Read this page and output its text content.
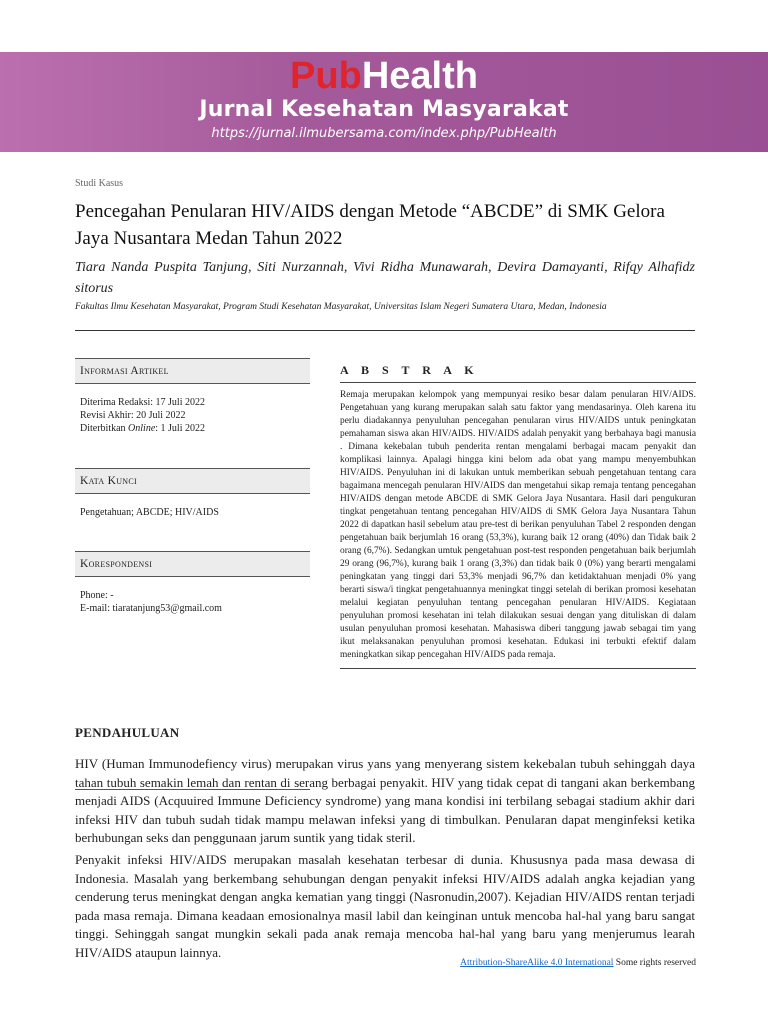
PubHealth
Jurnal Kesehatan Masyarakat
https://jurnal.ilmubersama.com/index.php/PubHealth
Studi Kasus
Pencegahan Penularan HIV/AIDS dengan Metode “ABCDE” di SMK Gelora Jaya Nusantara Medan Tahun 2022
Tiara Nanda Puspita Tanjung, Siti Nurzannah, Vivi Ridha Munawarah, Devira Damayanti, Rifqy Alhafidz sitorus
Fakultas Ilmu Kesehatan Masyarakat, Program Studi Kesehatan Masyarakat, Universitas Islam Negeri Sumatera Utara, Medan, Indonesia
Informasi Artikel
Diterima Redaksi: 17 Juli 2022
Revisi Akhir: 20 Juli 2022
Diterbitkan Online: 1 Juli 2022
Kata Kunci
Pengetahuan; ABCDE; HIV/AIDS
Korespondensi
Phone: -
E-mail: tiaratanjung53@gmail.com
A B S T R A K
Remaja merupakan kelompok yang mempunyai resiko besar dalam penularan HIV/AIDS. Pengetahuan yang kurang merupakan salah satu faktor yang mendasarinya. Oleh karena itu perlu diadakannya penyuluhan pencegahan penularan virus HIV/AIDS untuk peningkatan pemahaman siswa akan HIV/AIDS. HIV/AIDS adalah penyakit yang berbahaya bagi manusia . Dimana kekebalan tubuh penderita rentan mengalami berbagai macam penyakit dan komplikasi lainnya. Apalagi hingga kini belom ada obat yang mampu menyembuhkan HIV/AIDS. Penyuluhan ini di lakukan untuk memberikan sebuah pengetahuan tentang cara bagaimana mencegah penularan HIV/AIDS dan mengetahui sikap remaja tentang pencegahan HIV/AIDS dengan metode ABCDE di SMK Gelora Jaya Nusantara. Hasil dari pengukuran tingkat pengetahuan tentang pencegahan HIV/AIDS di SMK Gelora Jaya Nusantara Tahun 2022 di dapatkan hasil sebelum atau pre-test di berikan penyuluhan Tabel 2 responden dengan pengetahuan baik berjumlah 16 orang (53,3%), kurang baik 12 orang (40%) dan Tidak baik 2 orang (6,7%). Sedangkan umtuk pengetahuan post-test responden pengetahuan baik berjumlah 29 orang (96,7%), kurang baik 1 orang (3,3%) dan tidak baik 0 (0%) yang berarti mengalami peningkatan yang tinggi dari 53,3% menjadi 96,7% dan ketidaktahuan menjadi 0% yang berarti siswa/i tingkat pengetahuannya meningkat tinggi setelah di berikan promosi kesehatan melalui kegiatan penyuluhan tentang pencegahan penularan HIV/AIDS. Kegiataan penyuluhan promosi kesehatan ini telah dilakukan sesuai dengan yang dituliskan di dalam usulan penyuluhan promosi kesehatan. Mahasiswa diberi tanggung jawab sebagai tim yang ikut melaksanakan penyuluhan promosi kesehatan. Edukasi ini terbukti efektif dalam meningkatkan sikap pencegahan HIV/AIDS pada remaja.
PENDAHULUAN
HIV (Human Immunodefiency virus) merupakan virus yans yang menyerang sistem kekebalan tubuh sehinggah daya tahan tubuh semakin lemah dan rentan di serang berbagai penyakit. HIV yang tidak cepat di tangani akan berkembang menjadi AIDS (Acquuired Immune Deficiency syndrome) yang mana kondisi ini terbilang sebagai stadium akhir dari infeksi HIV dan tubuh sudah tidak mampu melawan infeksi yang di timbulkan. Penularan dapat menginfeksi ketika berhubungan seks dan penggunaan jarum suntik yang tidak steril.
Penyakit infeksi HIV/AIDS merupakan masalah kesehatan terbesar di dunia. Khususnya pada masa dewasa di Indonesia. Masalah yang berkembang sehubungan dengan penyakit infeksi HIV/AIDS adalah angka kejadian yang cenderung terus meningkat dengan angka kematian yang tinggi (Nasronudin,2007). Kejadian HIV/AIDS rentan terjadi pada masa remaja. Dimana keadaan emosionalnya masil labil dan keinginan untuk mencoba hal-hal yang baru sangat tinggi. Sehinggah sangat mungkin sekali pada anak remaja mencoba hal-hal yang baru yang menjerumus learah HIV/AIDS ataupun lainnya.
Attribution-ShareAlike 4.0 International Some rights reserved
